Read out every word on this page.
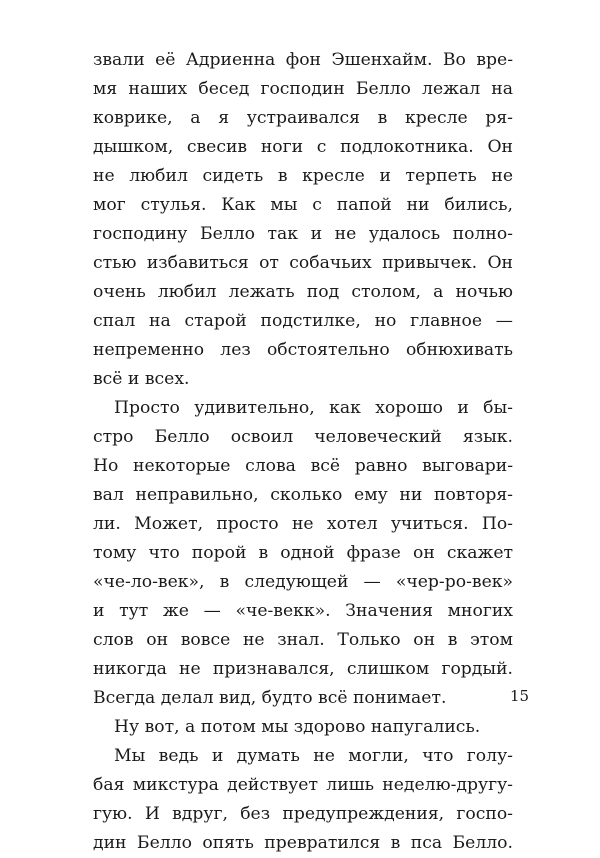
звали её Адриенна фон Эшенхайм. Во вре-
мя наших бесед господин Белло лежал на
коврике, а я устраивался в кресле ря-
дышком, свесив ноги с подлокотника. Он
не любил сидеть в кресле и терпеть не
мог стулья. Как мы с папой ни бились,
господину Белло так и не удалось полно-
стью избавиться от собачьих привычек. Он
очень любил лежать под столом, а ночью
спал на старой подстилке, но главное —
непременно лез обстоятельно обнюхивать
всё и всех.
Просто удивительно, как хорошо и бы-
стро Белло освоил человеческий язык.
Но некоторые слова всё равно выговари-
вал неправильно, сколько ему ни повторя-
ли. Может, просто не хотел учиться. По-
тому что порой в одной фразе он скажет
«че-ло-век», в следующей — «чер-ро-век»
и тут же — «че-векк». Значения многих
слов он вовсе не знал. Только он в этом
никогда не признавался, слишком гордый.
Всегда делал вид, будто всё понимает.
Ну вот, а потом мы здорово напугались.
Мы ведь и думать не могли, что голу-
бая микстура действует лишь неделю-другу-
гую. И вдруг, без предупреждения, госпо-
дин Белло опять превратился в пса Белло.
15
